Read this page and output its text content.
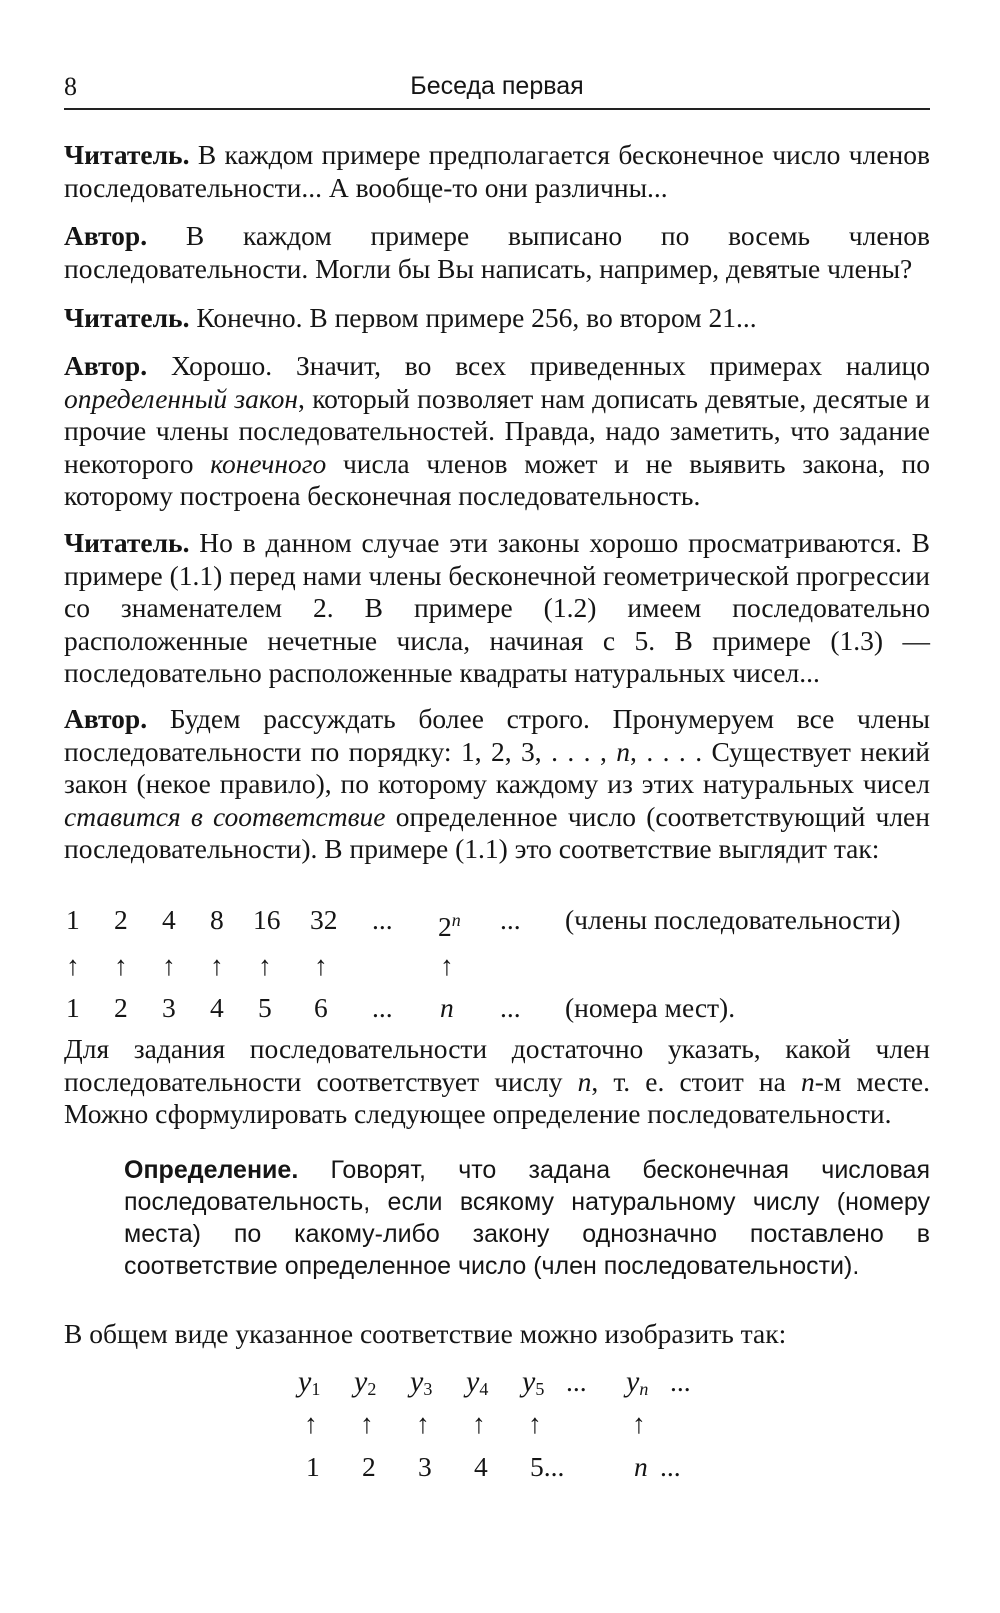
8	Беседа первая

Читатель. В каждом примере предполагается бесконечное число членов последовательности... А вообще-то они различны...

Автор. В каждом примере выписано по восемь членов последовательности. Могли бы Вы написать, например, девятые члены?

Читатель. Конечно. В первом примере 256, во втором 21...

Автор. Хорошо. Значит, во всех приведенных примерах налицо определенный закон, который позволяет нам дописать девятые, десятые и прочие члены последовательностей. Правда, надо заметить, что задание некоторого конечного числа членов может и не выявить закона, по которому построена бесконечная последовательность.

Читатель. Но в данном случае эти законы хорошо просматриваются. В примере (1.1) перед нами члены бесконечной геометрической прогрессии со знаменателем 2. В примере (1.2) имеем последовательно расположенные нечетные числа, начиная с 5. В примере (1.3) — последовательно расположенные квадраты натуральных чисел...

Автор. Будем рассуждать более строго. Пронумеруем все члены последовательности по порядку: 1, 2, 3, . . . , n, . . . . Существует некий закон (некое правило), по которому каждому из этих натуральных чисел ставится в соответствие определенное число (соответствующий член последовательности). В примере (1.1) это соответствие выглядит так:

1 2 4 8 16 32 ... 2$^n$ ... (члены последовательности)
↑ ↑ ↑ ↑ ↑ ↑	↑
1 2 3 4 5 6 ... n ... (номера мест).

Для задания последовательности достаточно указать, какой член последовательности соответствует числу n, т. е. стоит на n-м месте. Можно сформулировать следующее определение последовательности.

Определение. Говорят, что задана бесконечная числовая последовательность, если всякому натуральному числу (номеру места) по какому-либо закону однозначно поставлено в соответствие определенное число (член последовательности).

В общем виде указанное соответствие можно изобразить так:

$y_1$ $y_2$ $y_3$ $y_4$ $y_5$ ... $y_n$ ...
↑ ↑ ↑ ↑ ↑	↑
1 2 3 4 5...	n ...
